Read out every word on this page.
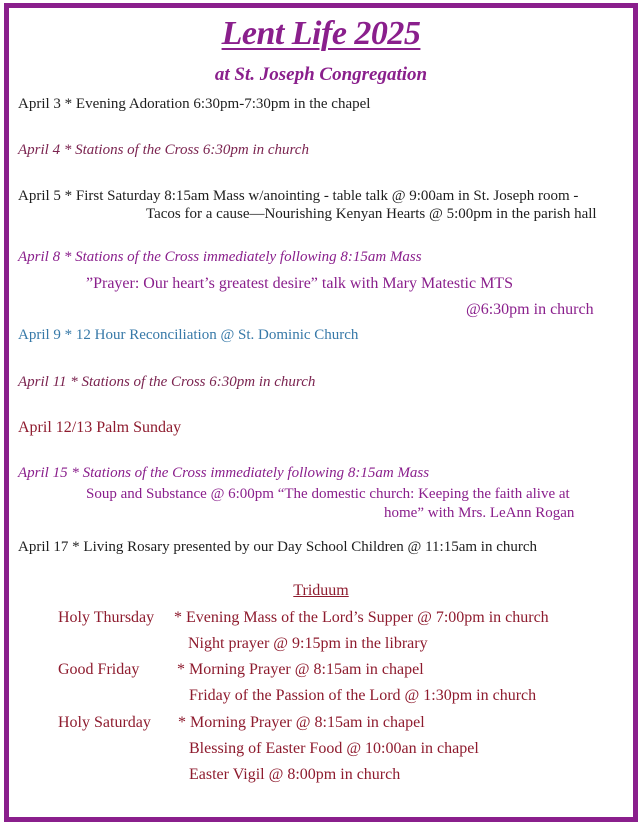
Lent Life 2025
at St. Joseph Congregation
April 3 * Evening Adoration 6:30pm-7:30pm in the chapel
April 4 * Stations of the Cross 6:30pm in church
April 5 * First Saturday 8:15am Mass w/anointing - table talk @ 9:00am in St. Joseph room -
Tacos for a cause—Nourishing Kenyan Hearts @ 5:00pm in the parish hall
April 8 * Stations of the Cross immediately following 8:15am Mass
”Prayer: Our heart’s greatest desire” talk with Mary Matestic MTS
@6:30pm in church
April 9 * 12 Hour Reconciliation @ St. Dominic Church
April 11 * Stations of the Cross 6:30pm in church
April 12/13 Palm Sunday
April 15 * Stations of the Cross immediately following 8:15am Mass
Soup and Substance @ 6:00pm “The domestic church: Keeping the faith alive at
home” with Mrs. LeAnn Rogan
April 17 * Living Rosary presented by our Day School Children @ 11:15am in church
Triduum
Holy Thursday * Evening Mass of the Lord’s Supper @ 7:00pm in church
Night prayer @ 9:15pm in the library
Good Friday * Morning Prayer @ 8:15am in chapel
Friday of the Passion of the Lord @ 1:30pm in church
Holy Saturday * Morning Prayer @ 8:15am in chapel
Blessing of Easter Food @ 10:00an in chapel
Easter Vigil @ 8:00pm in church
